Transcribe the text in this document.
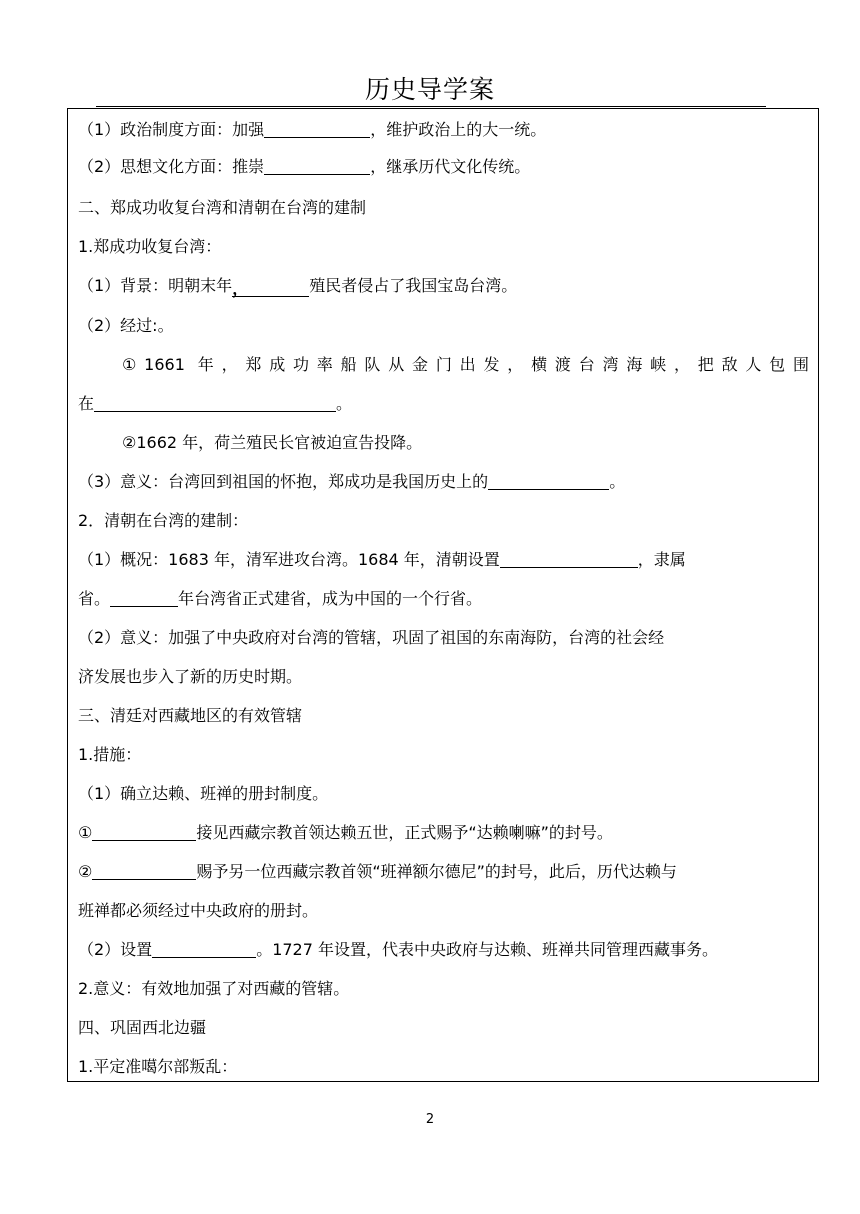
历史导学案
（1）政治制度方面：加强	，维护政治上的大一统。
（2）思想文化方面：推崇	，继承历代文化传统。
二、郑成功收复台湾和清朝在台湾的建制
1.郑成功收复台湾：
（1）背景：明朝末年，	殖民者侵占了我国宝岛台湾。
（2）经过:。
①1661 年，郑成功率船队从金门出发，横渡台湾海峡，把敌人包围
在	。
②1662 年，荷兰殖民长官被迫宣告投降。
（3）意义：台湾回到祖国的怀抱，郑成功是我国历史上的	。
2．清朝在台湾的建制：
（1）概况：1683 年，清军进攻台湾。1684 年，清朝设置	，隶属
省。	年台湾省正式建省，成为中国的一个行省。
（2）意义：加强了中央政府对台湾的管辖，巩固了祖国的东南海防，台湾的社会经
济发展也步入了新的历史时期。
三、清廷对西藏地区的有效管辖
1.措施：
（1）确立达赖、班禅的册封制度。
①	接见西藏宗教首领达赖五世，正式赐予“达赖喇嘛”的封号。
②	赐予另一位西藏宗教首领“班禅额尔德尼”的封号，此后，历代达赖与
班禅都必须经过中央政府的册封。
（2）设置	。1727 年设置，代表中央政府与达赖、班禅共同管理西藏事务。
2.意义：有效地加强了对西藏的管辖。
四、巩固西北边疆
1.平定准噶尔部叛乱：
2
